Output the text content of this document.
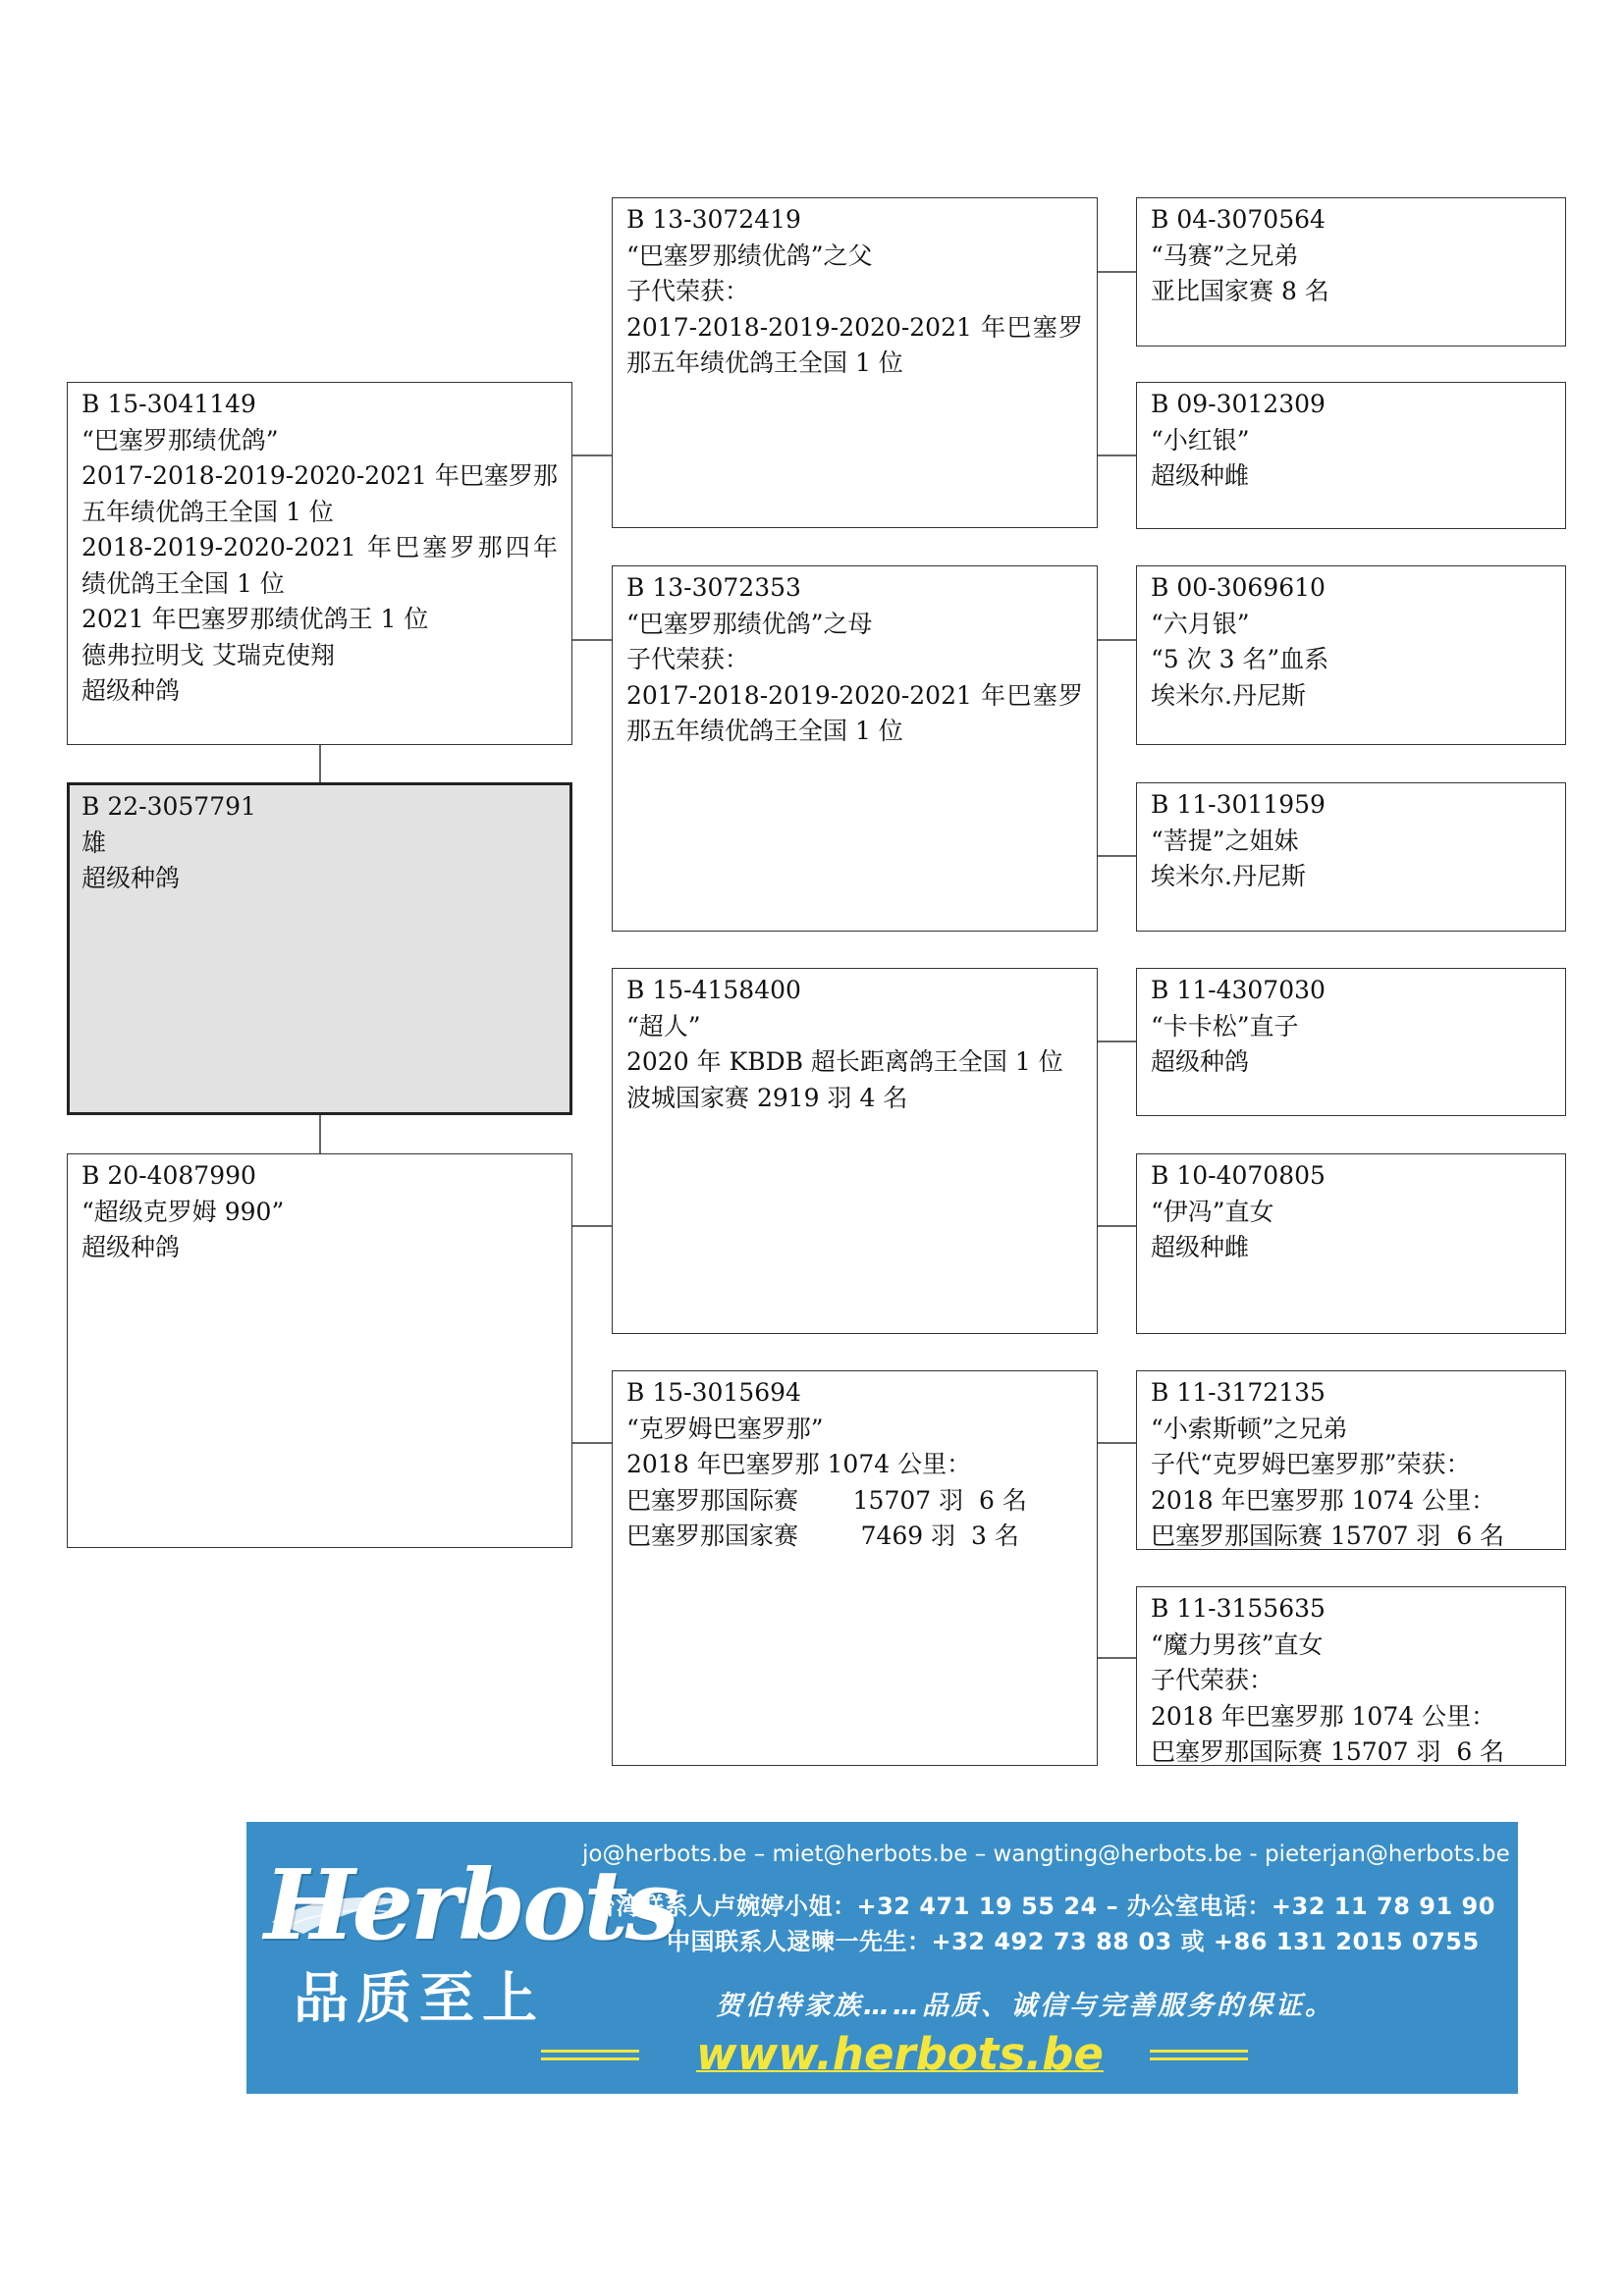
B 15-3041149
“巴塞罗那绩优鸽”
2017-2018-2019-2020-2021 年巴塞罗那五年绩优鸽王全国 1 位
2018-2019-2020-2021 年巴塞罗那四年绩优鸽王全国 1 位
2021 年巴塞罗那绩优鸽王 1 位
德弗拉明戈 艾瑞克使翔
超级种鸽
B 22-3057791
雄
超级种鸽
B 20-4087990
“超级克罗姆 990”
超级种鸽
B 13-3072419
“巴塞罗那绩优鸽”之父
子代荣获：
2017-2018-2019-2020-2021 年巴塞罗那五年绩优鸽王全国 1 位
B 13-3072353
“巴塞罗那绩优鸽”之母
子代荣获：
2017-2018-2019-2020-2021 年巴塞罗那五年绩优鸽王全国 1 位
B 15-4158400
“超人”
2020 年 KBDB 超长距离鸽王全国 1 位
波城国家赛 2919 羽 4 名
B 15-3015694
“克罗姆巴塞罗那”
2018 年巴塞罗那 1074 公里：
巴塞罗那国际赛       15707 羽  6 名
巴塞罗那国家赛        7469 羽  3 名
B 04-3070564
“马赛”之兄弟
亚比国家赛 8 名
B 09-3012309
“小红银”
超级种雌
B 00-3069610
“六月银”
“5 次 3 名”血系
埃米尔.丹尼斯
B 11-3011959
“菩提”之姐妹
埃米尔.丹尼斯
B 11-4307030
“卡卡松”直子
超级种鸽
B 10-4070805
“伊冯”直女
超级种雌
B 11-3172135
“小索斯顿”之兄弟
子代“克罗姆巴塞罗那”荣获：
2018 年巴塞罗那 1074 公里：
巴塞罗那国际赛 15707 羽  6 名
B 11-3155635
“魔力男孩”直女
子代荣获：
2018 年巴塞罗那 1074 公里：
巴塞罗那国际赛 15707 羽  6 名
Herbots
品质至上
jo@herbots.be – miet@herbots.be – wangting@herbots.be - pieterjan@herbots.be
台湾联系人卢婉婷小姐：+32 471 19 55 24 – 办公室电话：+32 11 78 91 90
中国联系人逯暕一先生：+32 492 73 88 03 或 +86 131 2015 0755
贺伯特家族……品质、诚信与完善服务的保证。
www.herbots.be
